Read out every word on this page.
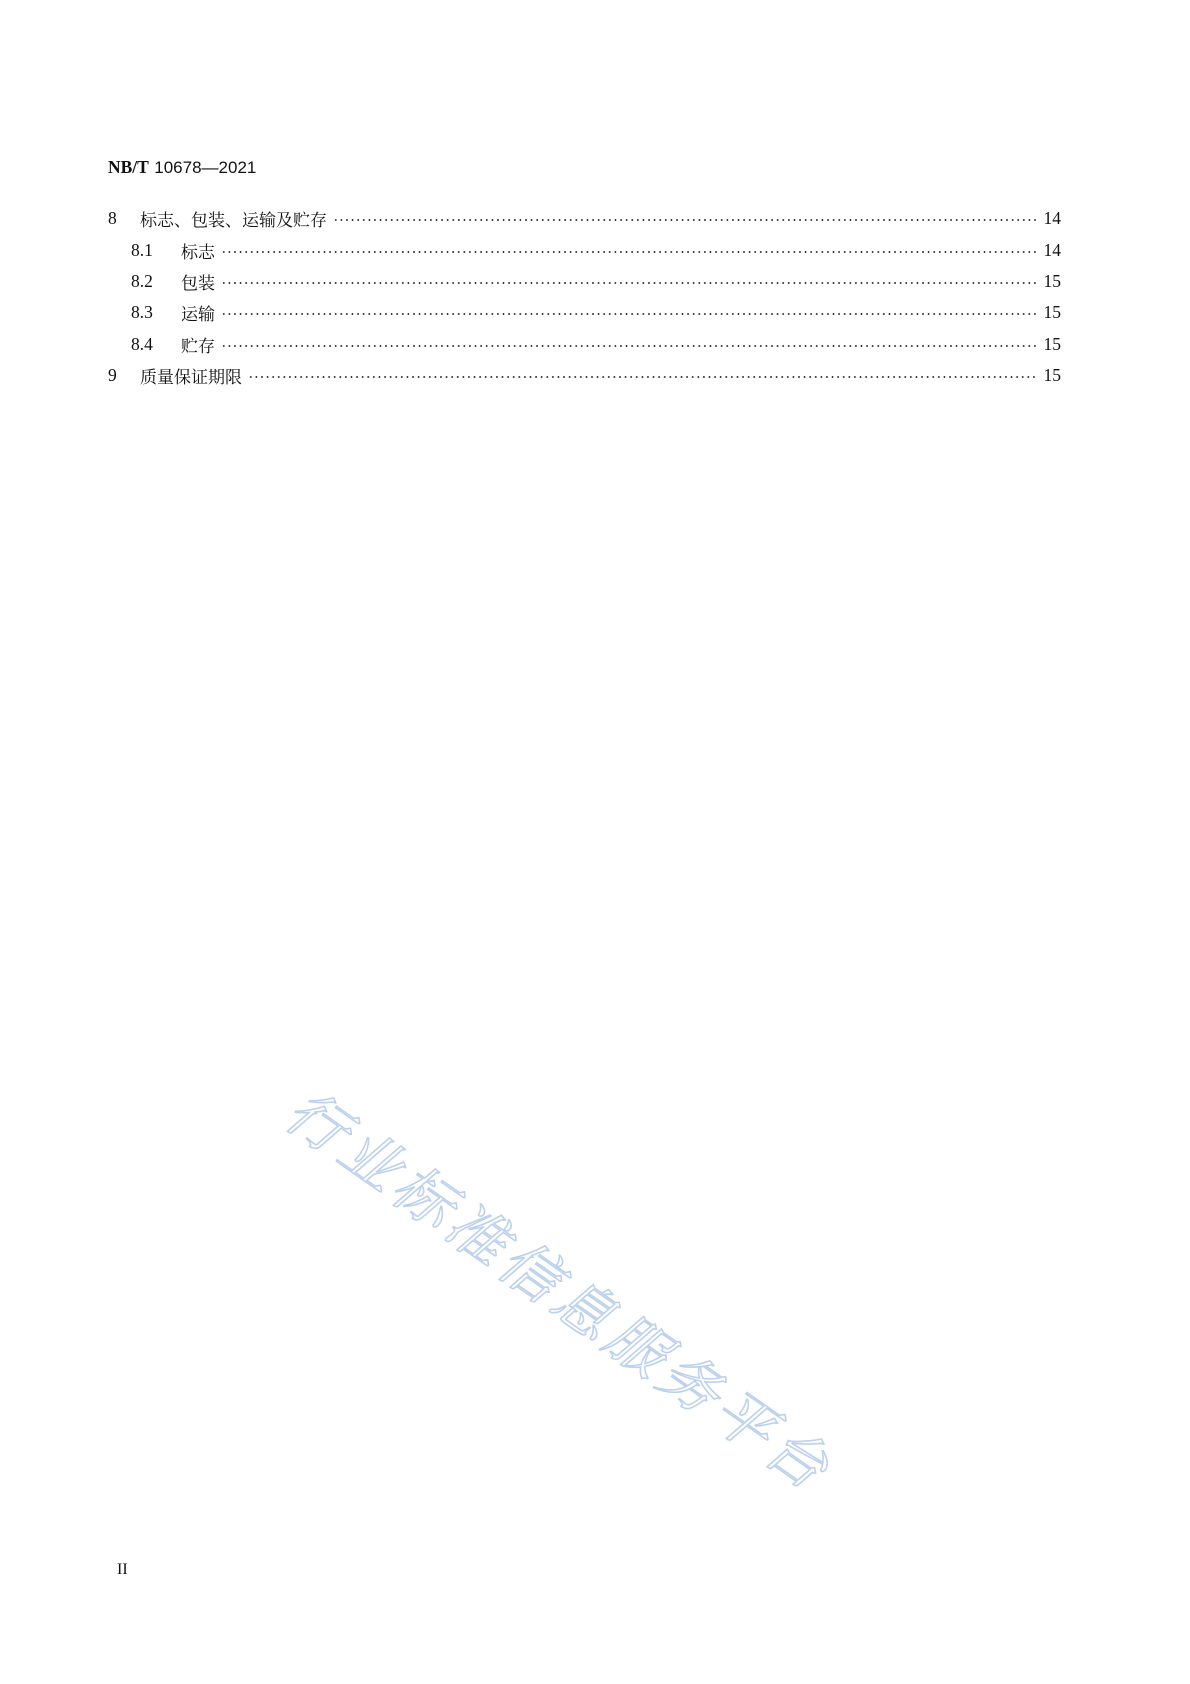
NB/T 10678—2021
8	标志、包装、运输及贮存	14
8.1	标志	14
8.2	包装	15
8.3	运输	15
8.4	贮存	15
9	质量保证期限	15
行业标准信息服务平台
II
